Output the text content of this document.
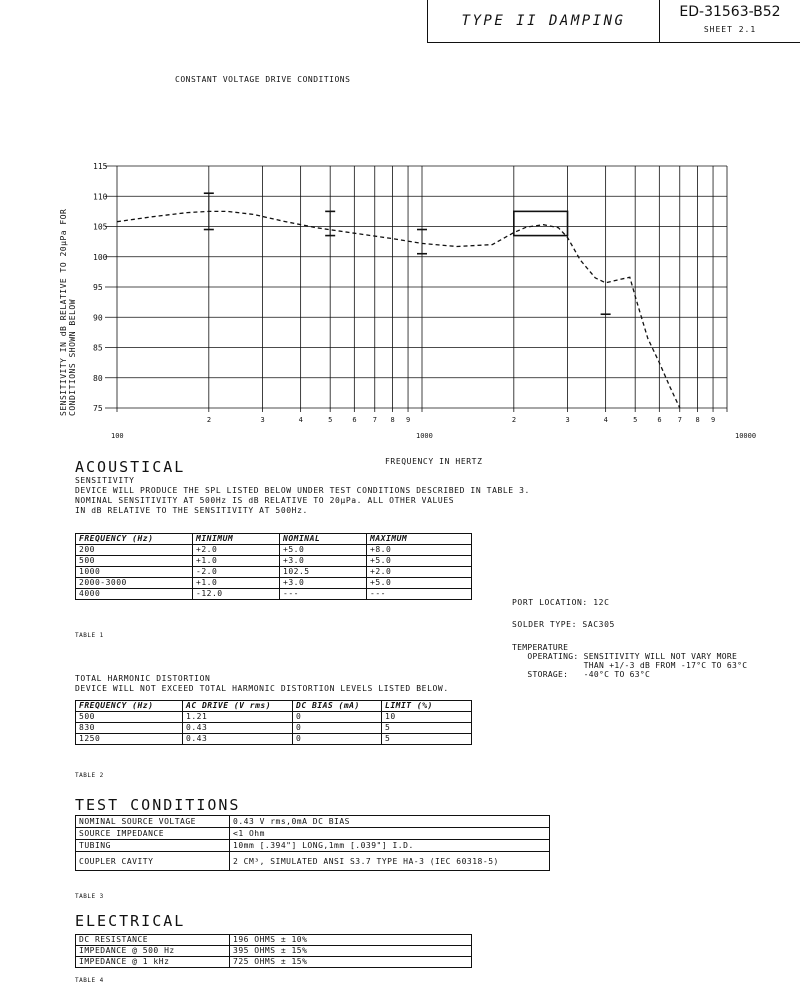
TYPE II DAMPING
ED-31563-B52
SHEET 2.1
CONSTANT VOLTAGE DRIVE CONDITIONS
SENSITIVITY IN dB RELATIVE TO 20µPa FOR CONDITIONS SHOWN BELOW 75
80
85
90
95
100
105
110
115
100
2	3	4	5	6 7 8 9
1000
2	3	4	5	6 7 8 9
10000
FREQUENCY IN HERTZ
ACOUSTICAL
SENSITIVITY
DEVICE WILL PRODUCE THE SPL LISTED BELOW UNDER TEST CONDITIONS DESCRIBED IN TABLE 3.
NOMINAL SENSITIVITY AT 500Hz IS dB RELATIVE TO 20µPa. ALL OTHER VALUES
IN dB RELATIVE TO THE SENSITIVITY AT 500Hz.
FREQUENCY (Hz)	MINIMUM	NOMINAL	MAXIMUM
200	+2.0	+5.0	+8.0
500	+1.0	+3.0	+5.0
1000	-2.0	102.5	+2.0
2000-3000	+1.0	+3.0	+5.0
4000	-12.0	---	---
TABLE 1
PORT LOCATION: 12C
SOLDER TYPE: SAC305
TEMPERATURE
OPERATING: SENSITIVITY WILL NOT VARY MORE
THAN +1/-3 dB FROM -17°C TO 63°C
STORAGE:   -40°C TO 63°C
TOTAL HARMONIC DISTORTION
DEVICE WILL NOT EXCEED TOTAL HARMONIC DISTORTION LEVELS LISTED BELOW.
FREQUENCY (Hz)	AC DRIVE (V rms)	DC BIAS (mA)	LIMIT (%)
500	1.21	0	10
830	0.43	0	5
1250	0.43	0	5
TABLE 2
TEST CONDITIONS
NOMINAL SOURCE VOLTAGE	0.43 V rms,0mA DC BIAS
SOURCE IMPEDANCE	<1 Ohm
TUBING	10mm [.394"] LONG,1mm [.039"] I.D.
COUPLER CAVITY	2 CM³, SIMULATED ANSI S3.7 TYPE HA-3 (IEC 60318-5)
TABLE 3
ELECTRICAL
DC RESISTANCE	196 OHMS ± 10%
IMPEDANCE @ 500 Hz	395 OHMS ± 15%
IMPEDANCE @ 1 kHz	725 OHMS ± 15%
TABLE 4
